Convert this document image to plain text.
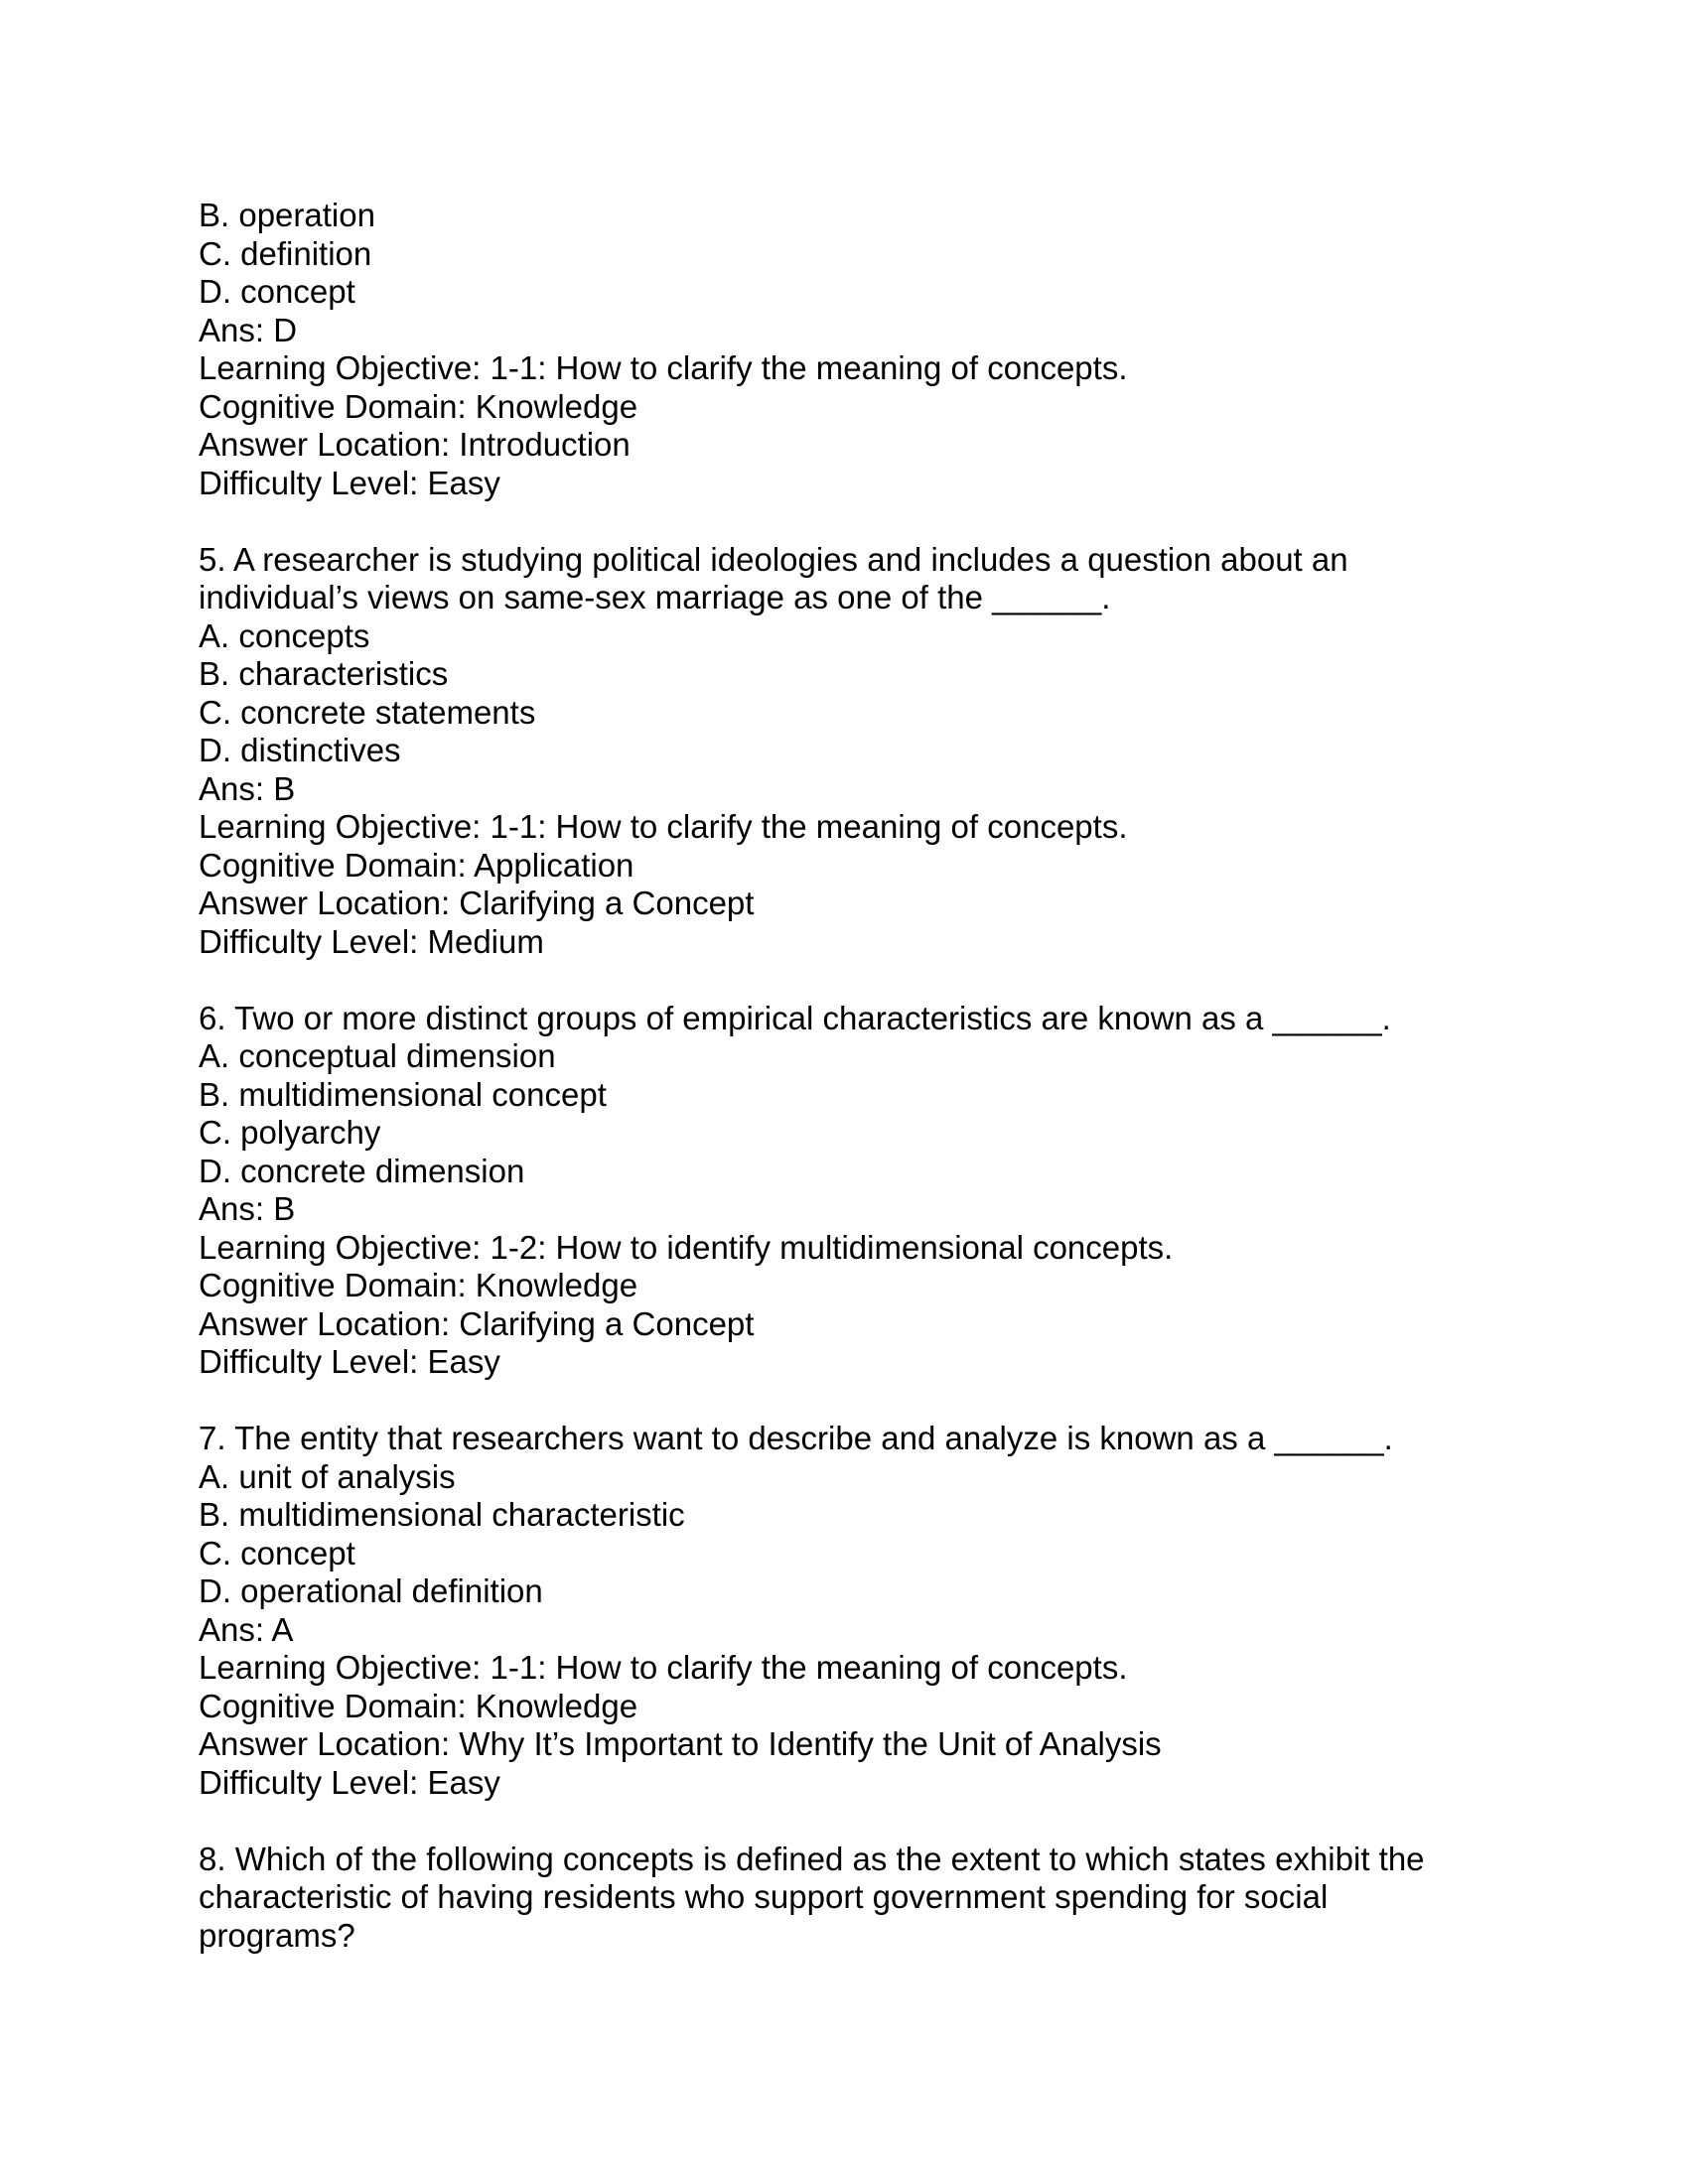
B. operation
C. definition
D. concept
Ans: D
Learning Objective: 1-1: How to clarify the meaning of concepts.
Cognitive Domain: Knowledge
Answer Location: Introduction
Difficulty Level: Easy
5. A researcher is studying political ideologies and includes a question about an
individual’s views on same-sex marriage as one of the ______.
A. concepts
B. characteristics
C. concrete statements
D. distinctives
Ans: B
Learning Objective: 1-1: How to clarify the meaning of concepts.
Cognitive Domain: Application
Answer Location: Clarifying a Concept
Difficulty Level: Medium
6. Two or more distinct groups of empirical characteristics are known as a ______.
A. conceptual dimension
B. multidimensional concept
C. polyarchy
D. concrete dimension
Ans: B
Learning Objective: 1-2: How to identify multidimensional concepts.
Cognitive Domain: Knowledge
Answer Location: Clarifying a Concept
Difficulty Level: Easy
7. The entity that researchers want to describe and analyze is known as a ______.
A. unit of analysis
B. multidimensional characteristic
C. concept
D. operational definition
Ans: A
Learning Objective: 1-1: How to clarify the meaning of concepts.
Cognitive Domain: Knowledge
Answer Location: Why It’s Important to Identify the Unit of Analysis
Difficulty Level: Easy
8. Which of the following concepts is defined as the extent to which states exhibit the
characteristic of having residents who support government spending for social
programs?
